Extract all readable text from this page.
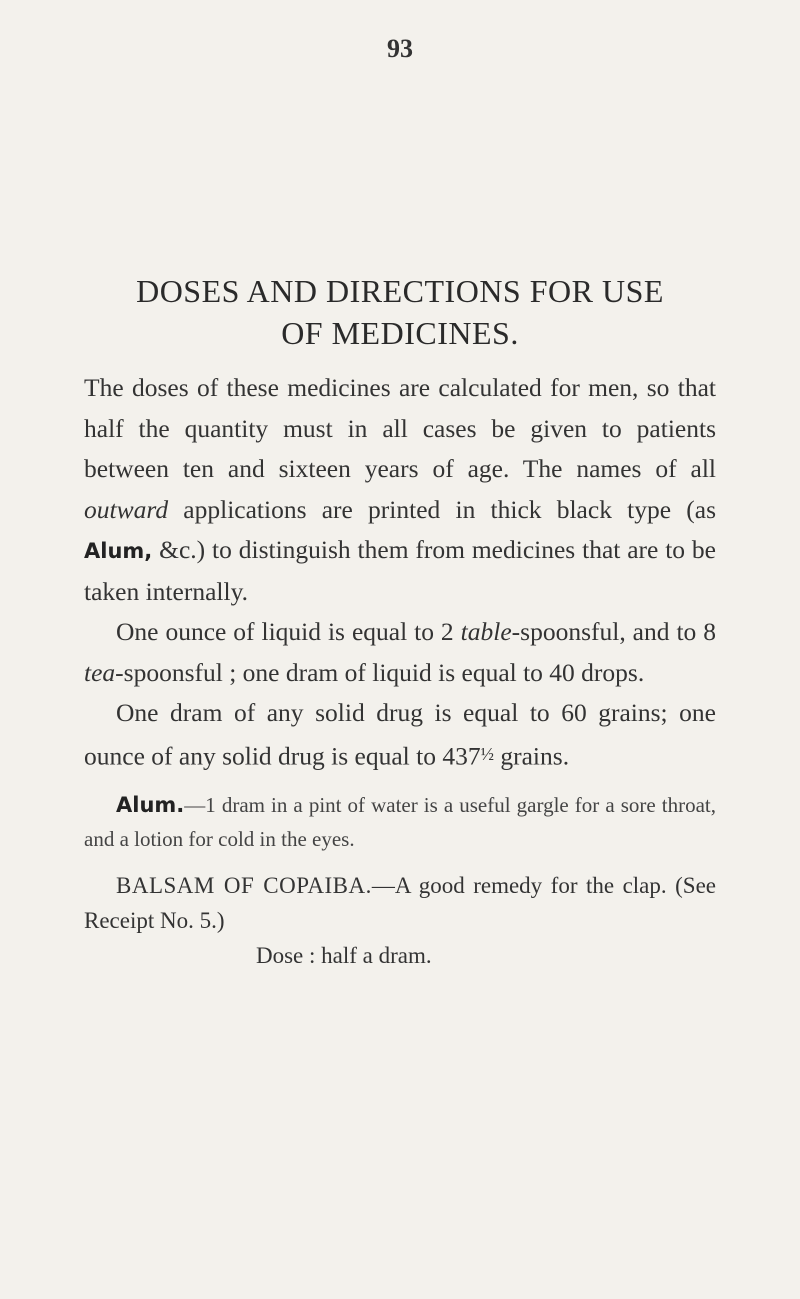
93
DOSES AND DIRECTIONS FOR USE
OF MEDICINES.

The doses of these medicines are calculated for men, so that half the quantity must in all cases be given to patients between ten and sixteen years of age. The names of all outward applications are printed in thick black type (as Alum, &c.) to distinguish them from medicines that are to be taken internally.

One ounce of liquid is equal to 2 table-spoonsful, and to 8 tea-spoonsful ; one dram of liquid is equal to 40 drops.

One dram of any solid drug is equal to 60 grains; one ounce of any solid drug is equal to 437½ grains.

Alum.—1 dram in a pint of water is a useful gargle for a sore throat, and a lotion for cold in the eyes.

BALSAM OF COPAIBA.—A good remedy for the clap. (See Receipt No. 5.)

Dose : half a dram.
